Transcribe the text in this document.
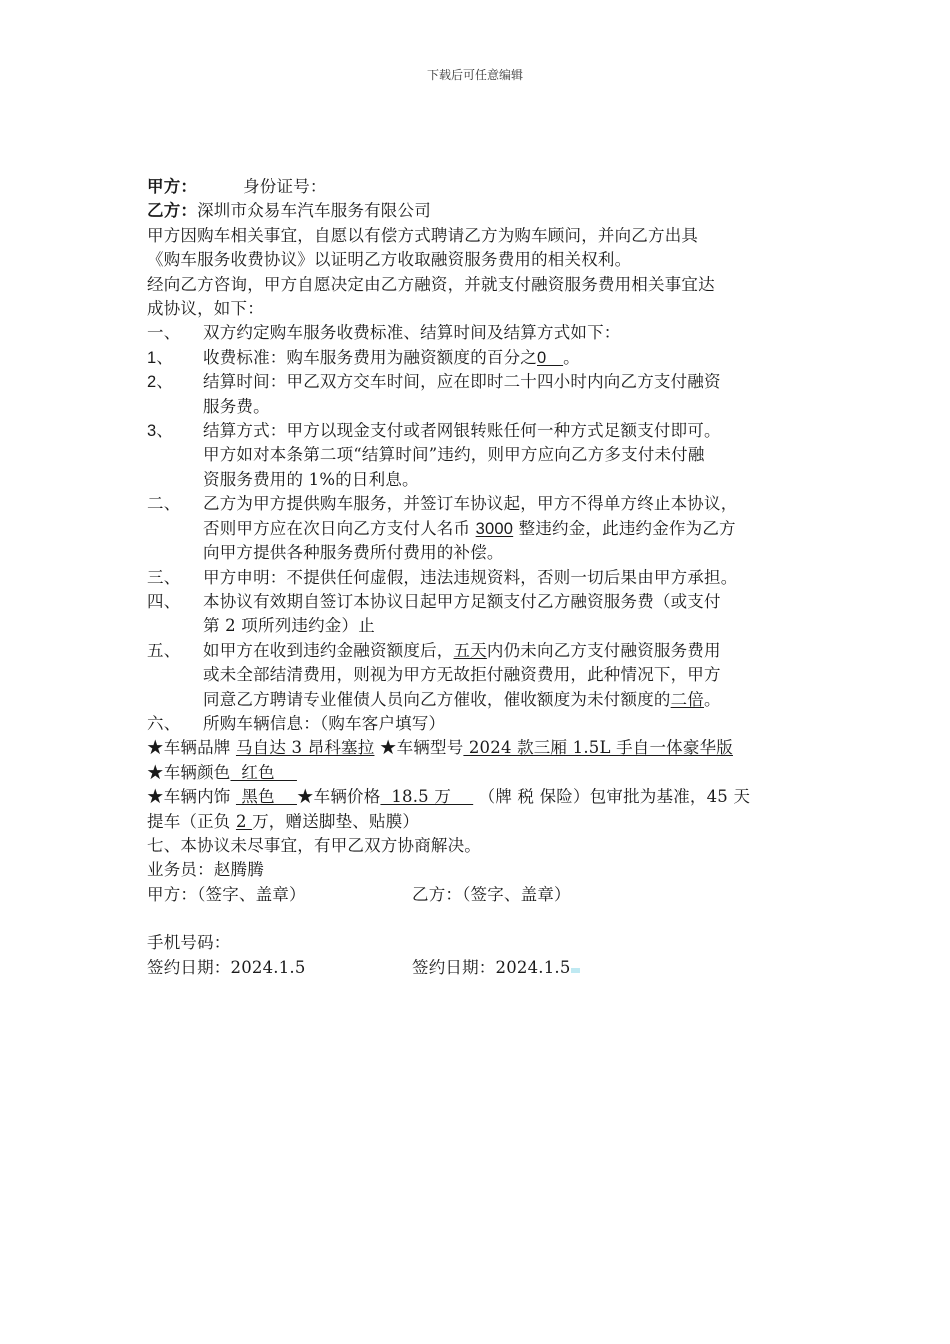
下载后可任意编辑
甲方：	身份证号：
乙方：深圳市众易车汽车服务有限公司
甲方因购车相关事宜，自愿以有偿方式聘请乙方为购车顾问，并向乙方出具
《购车服务收费协议》以证明乙方收取融资服务费用的相关权利。
经向乙方咨询，甲方自愿决定由乙方融资，并就支付融资服务费用相关事宜达
成协议，如下：
一、	双方约定购车服务收费标准、结算时间及结算方式如下：
1、	收费标准：购车服务费用为融资额度的百分之0　。
2、	结算时间：甲乙双方交车时间，应在即时二十四小时内向乙方支付融资
服务费。
3、	结算方式：甲方以现金支付或者网银转账任何一种方式足额支付即可。
甲方如对本条第二项“结算时间”违约，则甲方应向乙方多支付未付融
资服务费用的 1%的日利息。
二、	乙方为甲方提供购车服务，并签订车协议起，甲方不得单方终止本协议，
否则甲方应在次日向乙方支付人名币 3000 整违约金，此违约金作为乙方
向甲方提供各种服务费所付费用的补偿。
三、	甲方申明：不提供任何虚假，违法违规资料，否则一切后果由甲方承担。
四、	本协议有效期自签订本协议日起甲方足额支付乙方融资服务费（或支付
第 2 项所列违约金）止
五、	如甲方在收到违约金融资额度后，五天内仍未向乙方支付融资服务费用
或未全部结清费用，则视为甲方无故拒付融资费用，此种情况下，甲方
同意乙方聘请专业催债人员向乙方催收，催收额度为未付额度的二倍。
六、	所购车辆信息：（购车客户填写）
★车辆品牌 马自达 3 昂科塞拉 ★车辆型号 2024 款三厢 1.5L 手自一体豪华版
★车辆颜色  红色　
★车辆内饰  黑色　 ★车辆价格  18.5 万　  （牌 税 保险）包审批为基准，45 天
提车（正负 2 万，赠送脚垫、贴膜）
七、本协议未尽事宜，有甲乙双方协商解决。
业务员：赵腾腾
甲方：（签字、盖章）	乙方：（签字、盖章）
手机号码：
签约日期：2024.1.5	签约日期：2024.1.5
